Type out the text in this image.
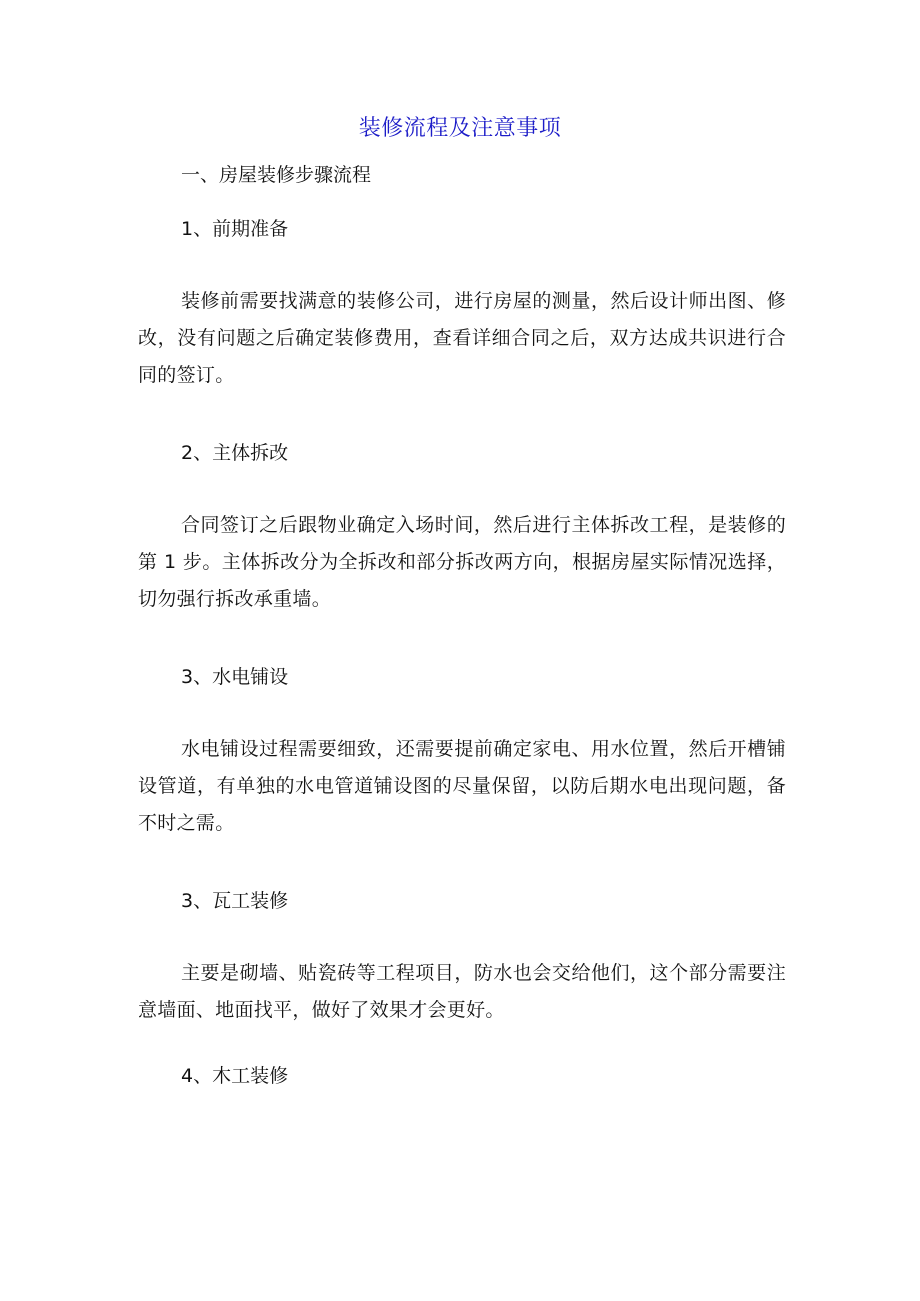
装修流程及注意事项
一、房屋装修步骤流程
1、前期准备

装修前需要找满意的装修公司，进行房屋的测量，然后设计师出图、修改，没有问题之后确定装修费用，查看详细合同之后，双方达成共识进行合同的签订。

2、主体拆改

合同签订之后跟物业确定入场时间，然后进行主体拆改工程，是装修的第 1 步。主体拆改分为全拆改和部分拆改两方向，根据房屋实际情况选择，切勿强行拆改承重墙。

3、水电铺设

水电铺设过程需要细致，还需要提前确定家电、用水位置，然后开槽铺设管道，有单独的水电管道铺设图的尽量保留，以防后期水电出现问题，备不时之需。

3、瓦工装修

主要是砌墙、贴瓷砖等工程项目，防水也会交给他们，这个部分需要注意墙面、地面找平，做好了效果才会更好。

4、木工装修
